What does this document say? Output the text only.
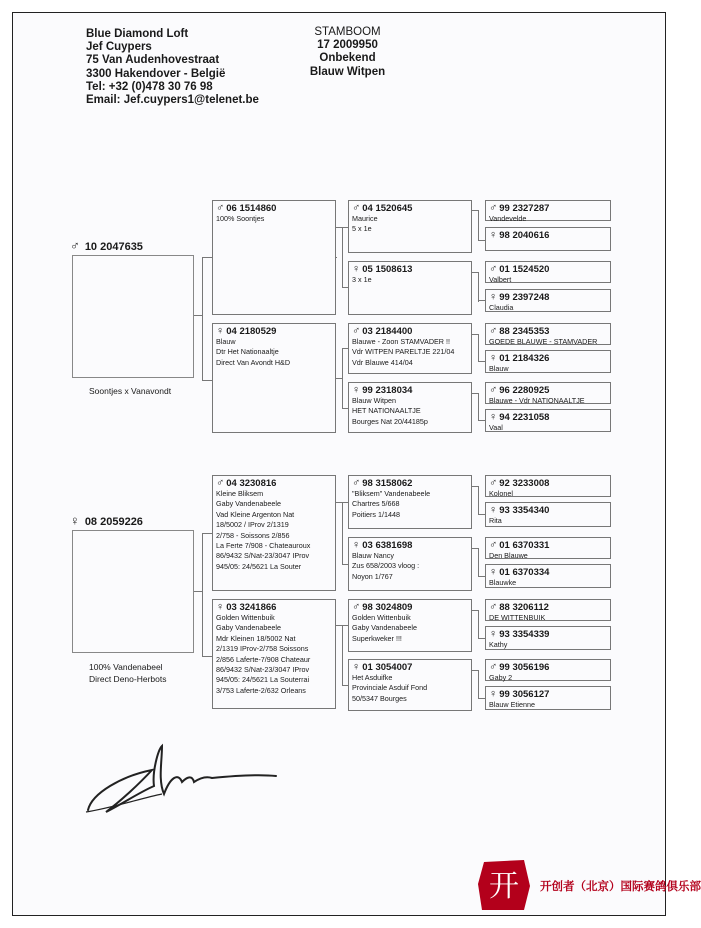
Blue Diamond Loft
Jef Cuypers
75 Van Audenhovestraat
3300 Hakendover - België
Tel: +32 (0)478 30 76 98
Email: Jef.cuypers1@telenet.be
STAMBOOM
17 2009950
Onbekend
Blauw Witpen
♂ 10 2047635
Soontjes x Vanavondt
♀ 08 2059226
100% Vandenabeel
Direct Deno-Herbots
♂ 06 1514860
100% Soontjes
♀ 04 2180529
Blauw
Dtr Het Nationaaltje
Direct Van Avondt H&D
♂ 04 1520645
Maurice
5 x 1e
♀ 05 1508613
3 x 1e
♂ 03 2184400
Blauwe - Zoon STAMVADER !!
Vdr WITPEN PARELTJE 221/04
Vdr Blauwe 414/04
♀ 99 2318034
Blauw Witpen
HET NATIONAALTJE
Bourges Nat 20/44185p
♂ 99 2327287
Vandevelde
♀ 98 2040616
♂ 01 1524520
Valbert
♀ 99 2397248
Claudia
♂ 88 2345353
GOEDE BLAUWE - STAMVADER
♀ 01 2184326
Blauw
♂ 96 2280925
Blauwe - Vdr NATIONAALTJE
♀ 94 2231058
Vaal
♂ 04 3230816
Kleine Bliksem
Gaby Vandenabeele
Vad Kleine Argenton Nat
18/5002 / IProv 2/1319
2/758 - Soissons 2/856
La Ferte 7/908 - Chateauroux
86/9432 S/Nat-23/3047 IProv
945/05: 24/5621 La Souter
♀ 03 3241866
Golden Wittenbuik
Gaby Vandenabeele
Mdr Kleinen 18/5002 Nat
2/1319 IProv-2/758 Soissons
2/856 Laferte-7/908 Chateaur
86/9432 S/Nat-23/3047 IProv
945/05: 24/5621 La Souterrai
3/753 Laferte-2/632 Orleans
♂ 98 3158062
"Bliksem" Vandenabeele
Chartres 5/668
Poitiers 1/1448
♀ 03 6381698
Blauw Nancy
Zus 658/2003 vloog :
Noyon 1/767
♂ 98 3024809
Golden Wittenbuik
Gaby Vandenabeele
Superkweker !!!
♀ 01 3054007
Het Asduifke
Provinciale Asduif Fond
50/5347 Bourges
♂ 92 3233008
Kolonel
♀ 93 3354340
Rita
♂ 01 6370331
Den Blauwe
♀ 01 6370334
Blauwke
♂ 88 3206112
DE WITTENBUIK
♀ 93 3354339
Kathy
♂ 99 3056196
Gaby 2
♀ 99 3056127
Blauw Etienne
开 开创者（北京）国际赛鸽俱乐部
